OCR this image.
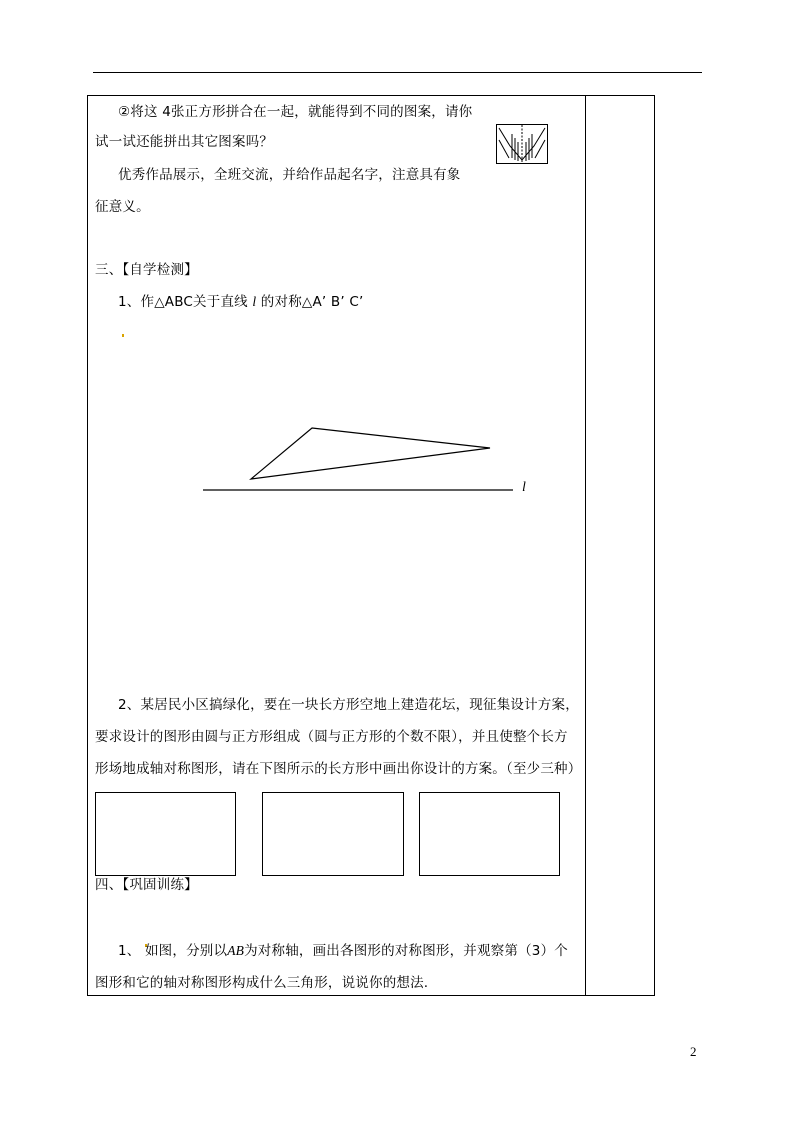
②将这 4张正方形拼合在一起，就能得到不同的图案，请你
试一试还能拼出其它图案吗？
优秀作品展示，全班交流，并给作品起名字，注意具有象
征意义。
三、【自学检测】
1、作△ABC关于直线 l 的对称△A’ B’ C’
l
2、某居民小区搞绿化，要在一块长方形空地上建造花坛，现征集设计方案，
要求设计的图形由圆与正方形组成（圆与正方形的个数不限），并且使整个长方
形场地成轴对称图形，请在下图所示的长方形中画出你设计的方案。（至少三种）
四、【巩固训练】
1、 如图，分别以AB为对称轴，画出各图形的对称图形，并观察第（3）个
图形和它的轴对称图形构成什么三角形，说说你的想法.
2
